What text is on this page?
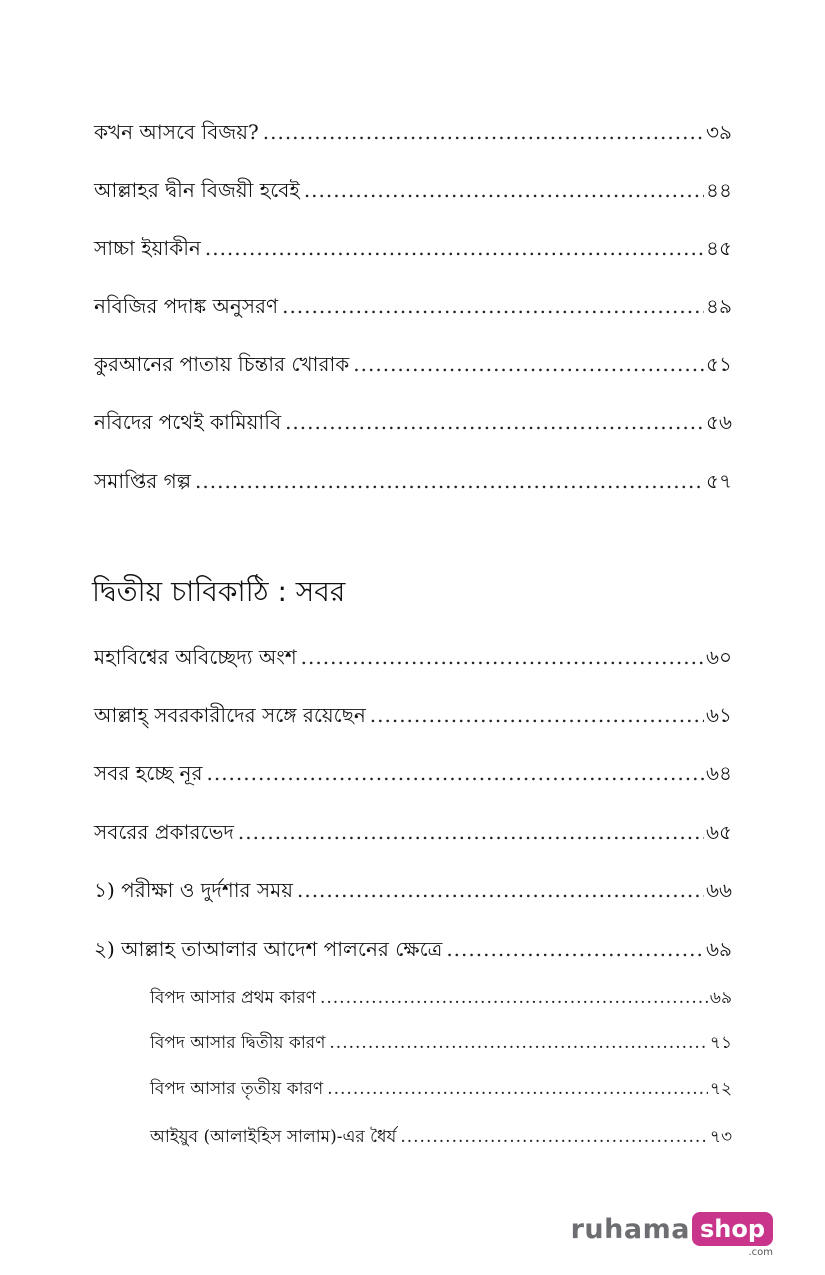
কখন আসবে বিজয়? .....	৩৯
আল্লাহর দ্বীন বিজয়ী হবেই .....	৪৪
সাচ্চা ইয়াকীন .....	৪৫
নবিজির পদাঙ্ক অনুসরণ .....	৪৯
কুরআনের পাতায় চিন্তার খোরাক .....	৫১
নবিদের পথেই কামিয়াবি .....	৫৬
সমাপ্তির গল্প .....	৫৭
দ্বিতীয় চাবিকাঠি : সবর
মহাবিশ্বের অবিচ্ছেদ্য অংশ .....	৬০
আল্লাহ্ সবরকারীদের সঙ্গে রয়েছেন .....	৬১
সবর হচ্ছে নূর .....	৬৪
সবরের প্রকারভেদ .....	৬৫
১) পরীক্ষা ও দুর্দশার সময় .....	৬৬
২) আল্লাহ তাআলার আদেশ পালনের ক্ষেত্রে .....	৬৯
বিপদ আসার প্রথম কারণ .....	৬৯
বিপদ আসার দ্বিতীয় কারণ .....	৭১
বিপদ আসার তৃতীয় কারণ .....	৭২
আইয়ুব (আলাইহিস সালাম)-এর ধৈর্য .....	৭৩
ruhama shop
.com
